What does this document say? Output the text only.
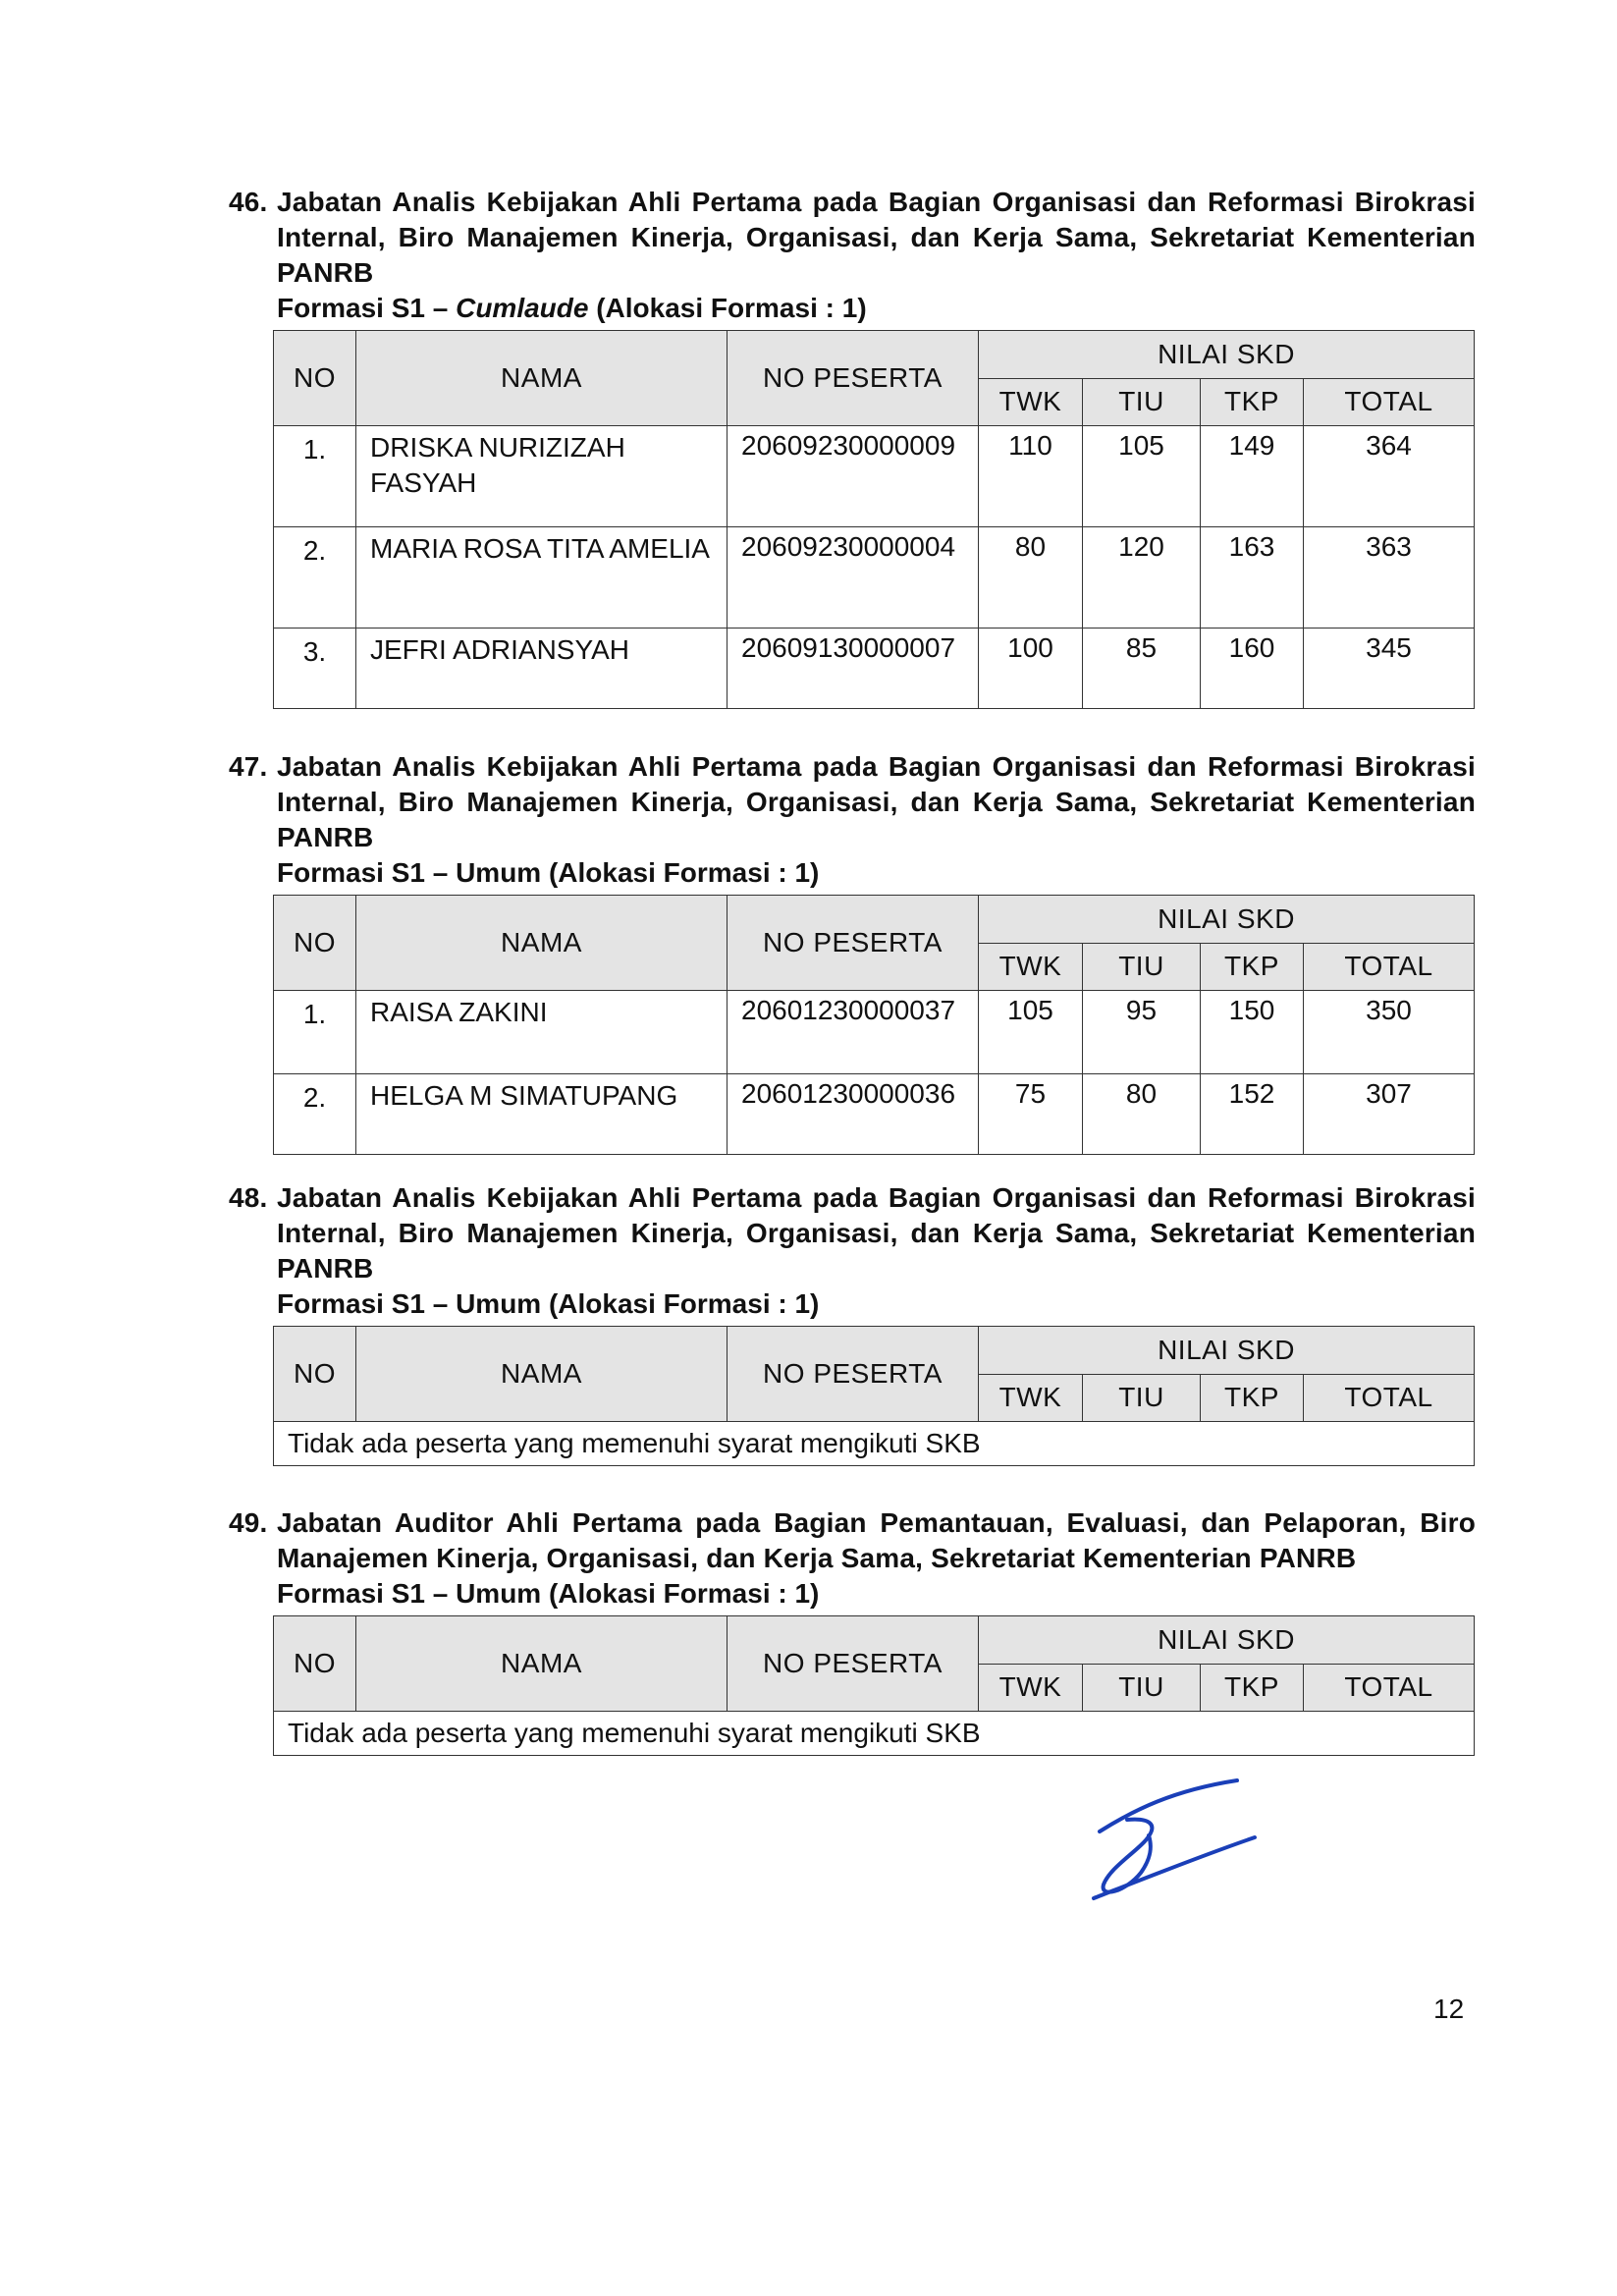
46. Jabatan Analis Kebijakan Ahli Pertama pada Bagian Organisasi dan Reformasi Birokrasi Internal, Biro Manajemen Kinerja, Organisasi, dan Kerja Sama, Sekretariat Kementerian PANRB
Formasi S1 – Cumlaude (Alokasi Formasi : 1)
NO	NAMA	NO PESERTA	NILAI SKD			
			TWK	TIU	TKP	TOTAL
1.	DRISKA NURIZIZAH FASYAH	20609230000009	110	105	149	364
2.	MARIA ROSA TITA AMELIA	20609230000004	80	120	163	363
3.	JEFRI ADRIANSYAH	20609130000007	100	85	160	345
47. Jabatan Analis Kebijakan Ahli Pertama pada Bagian Organisasi dan Reformasi Birokrasi Internal, Biro Manajemen Kinerja, Organisasi, dan Kerja Sama, Sekretariat Kementerian PANRB
Formasi S1 – Umum (Alokasi Formasi : 1)
NO	NAMA	NO PESERTA	NILAI SKD			
			TWK	TIU	TKP	TOTAL
1.	RAISA ZAKINI	20601230000037	105	95	150	350
2.	HELGA M SIMATUPANG	20601230000036	75	80	152	307
48. Jabatan Analis Kebijakan Ahli Pertama pada Bagian Organisasi dan Reformasi Birokrasi Internal, Biro Manajemen Kinerja, Organisasi, dan Kerja Sama, Sekretariat Kementerian PANRB
Formasi S1 – Umum (Alokasi Formasi : 1)
NO	NAMA	NO PESERTA	NILAI SKD			
			TWK	TIU	TKP	TOTAL
Tidak ada peserta yang memenuhi syarat mengikuti SKB						
49. Jabatan Auditor Ahli Pertama pada Bagian Pemantauan, Evaluasi, dan Pelaporan, Biro Manajemen Kinerja, Organisasi, dan Kerja Sama, Sekretariat Kementerian PANRB
Formasi S1 – Umum (Alokasi Formasi : 1)
NO	NAMA	NO PESERTA	NILAI SKD			
			TWK	TIU	TKP	TOTAL
Tidak ada peserta yang memenuhi syarat mengikuti SKB						
12
